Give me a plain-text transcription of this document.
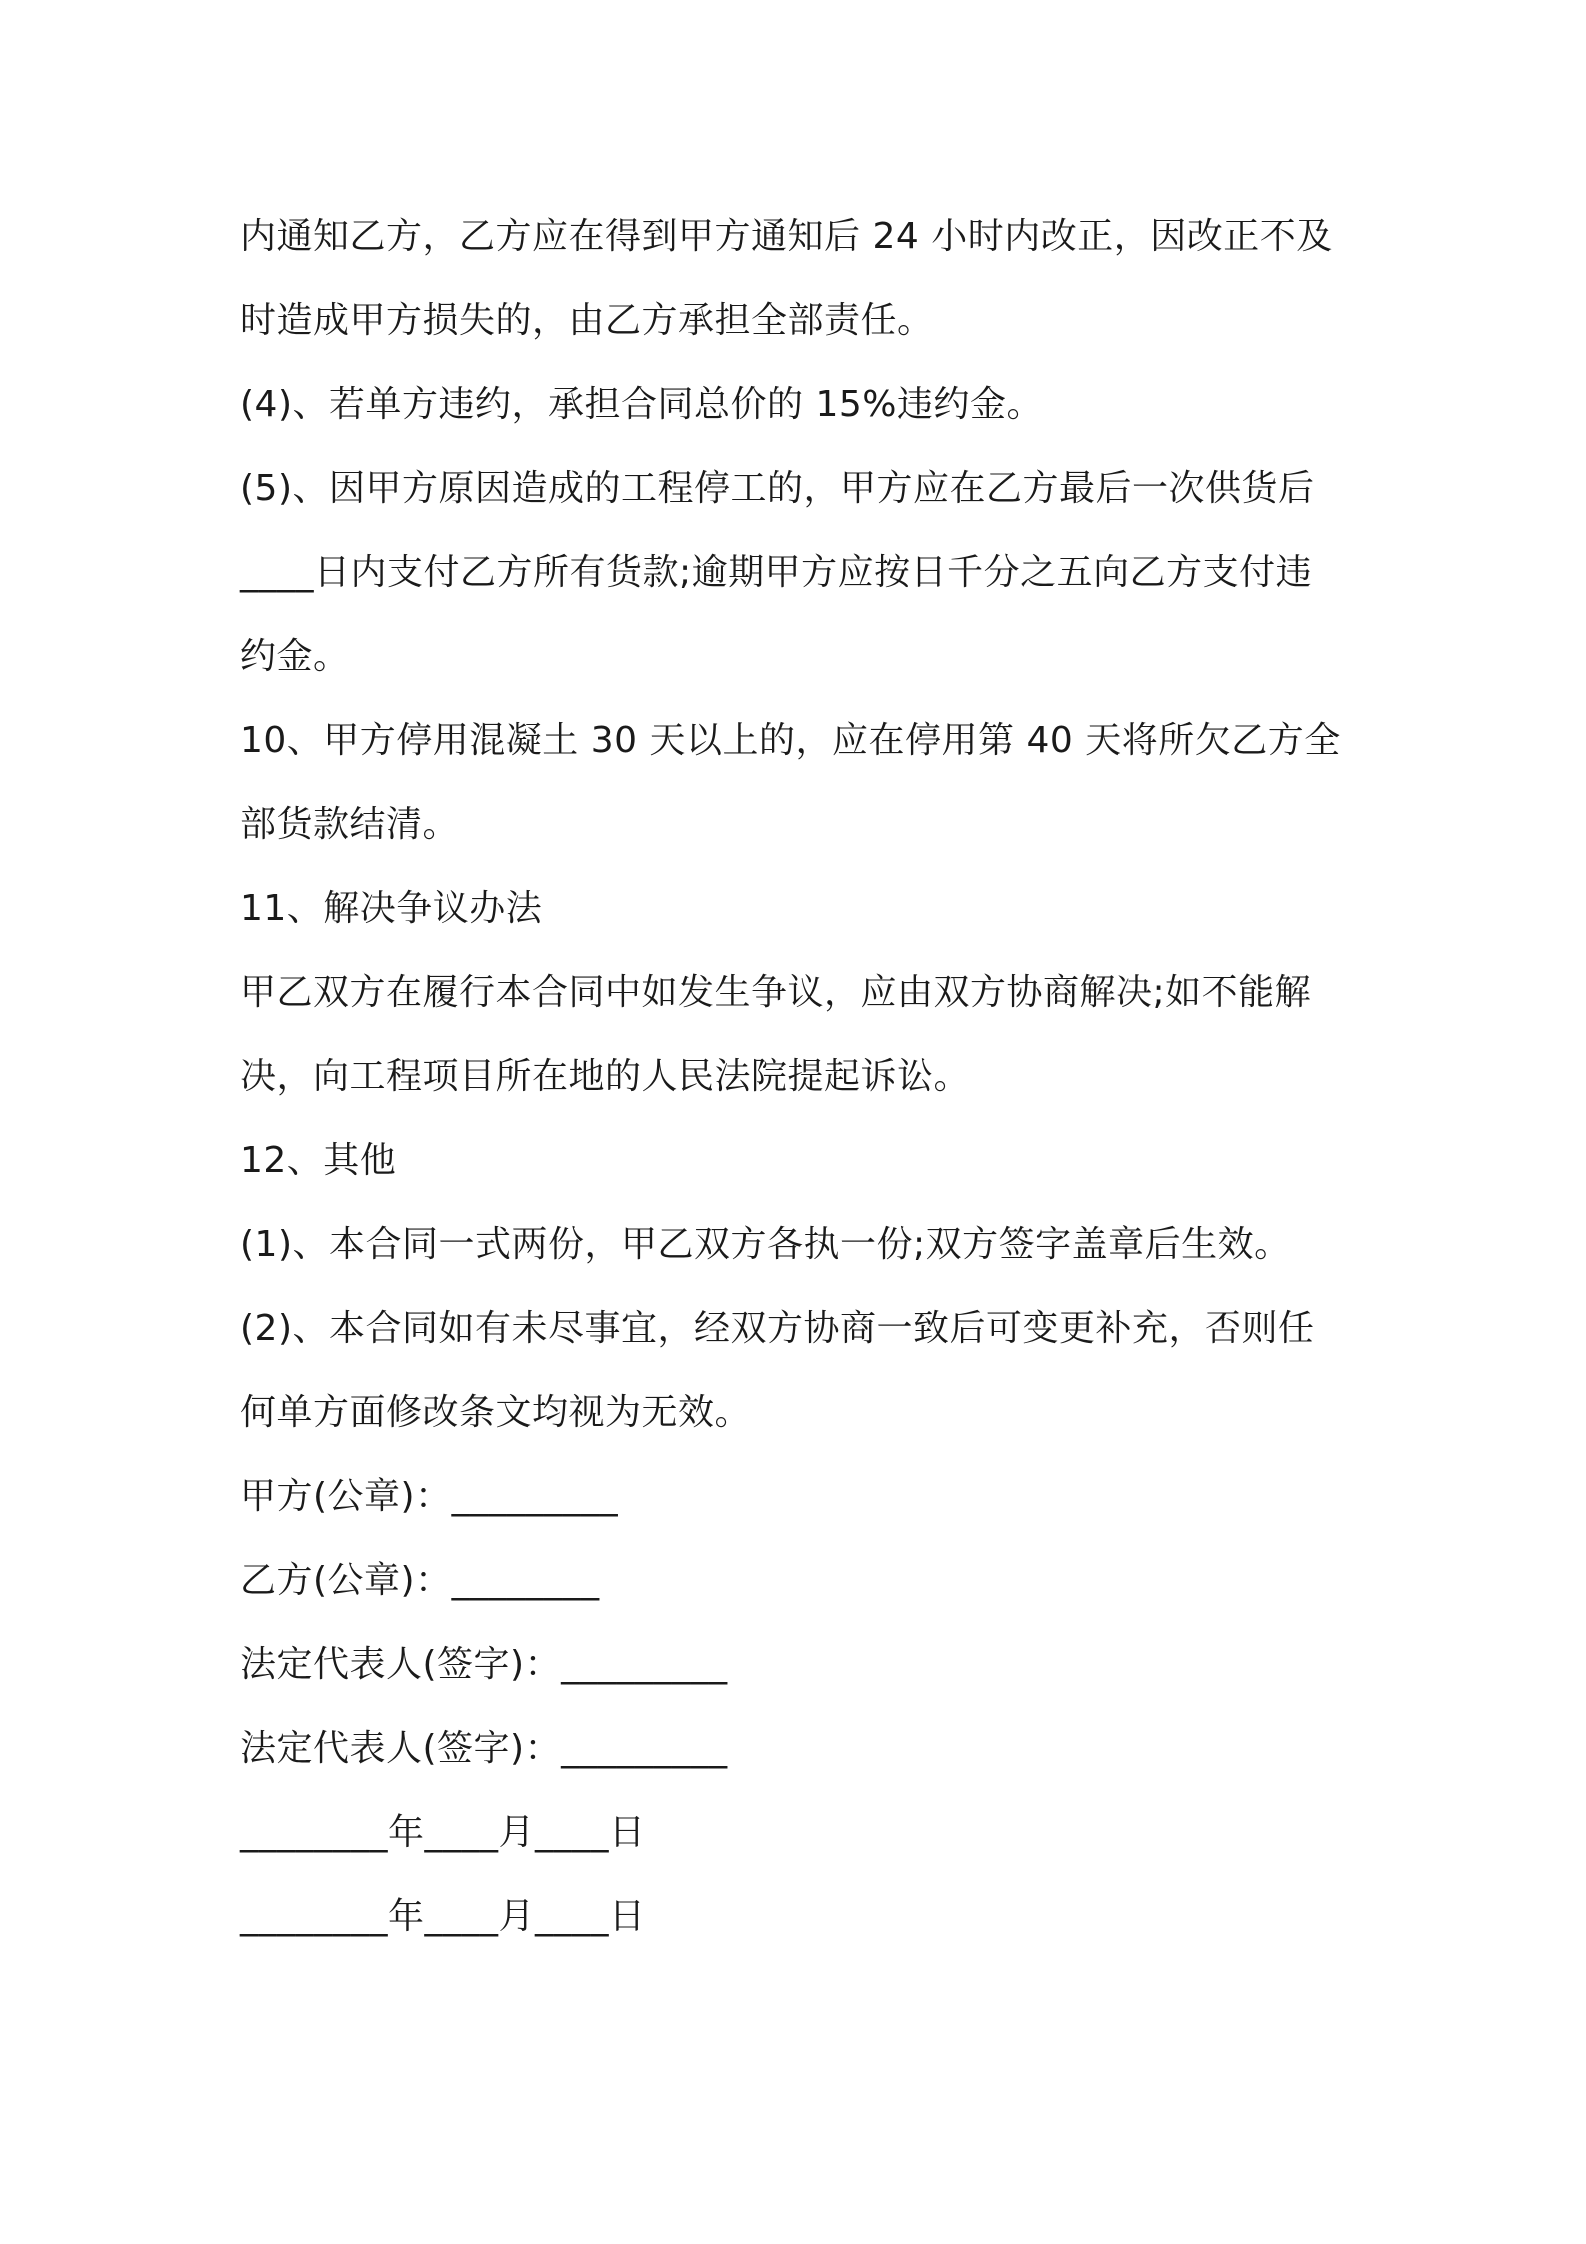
内通知乙方，乙方应在得到甲方通知后 24 小时内改正，因改正不及
时造成甲方损失的，由乙方承担全部责任。
(4)、若单方违约，承担合同总价的 15%违约金。
(5)、因甲方原因造成的工程停工的，甲方应在乙方最后一次供货后
____日内支付乙方所有货款;逾期甲方应按日千分之五向乙方支付违
约金。
10、甲方停用混凝土 30 天以上的，应在停用第 40 天将所欠乙方全
部货款结清。
11、解决争议办法
甲乙双方在履行本合同中如发生争议，应由双方协商解决;如不能解
决，向工程项目所在地的人民法院提起诉讼。
12、其他
(1)、本合同一式两份，甲乙双方各执一份;双方签字盖章后生效。
(2)、本合同如有未尽事宜，经双方协商一致后可变更补充，否则任
何单方面修改条文均视为无效。
甲方(公章)：_________
乙方(公章)：________
法定代表人(签字)：_________
法定代表人(签字)：_________
________年____月____日
________年____月____日
